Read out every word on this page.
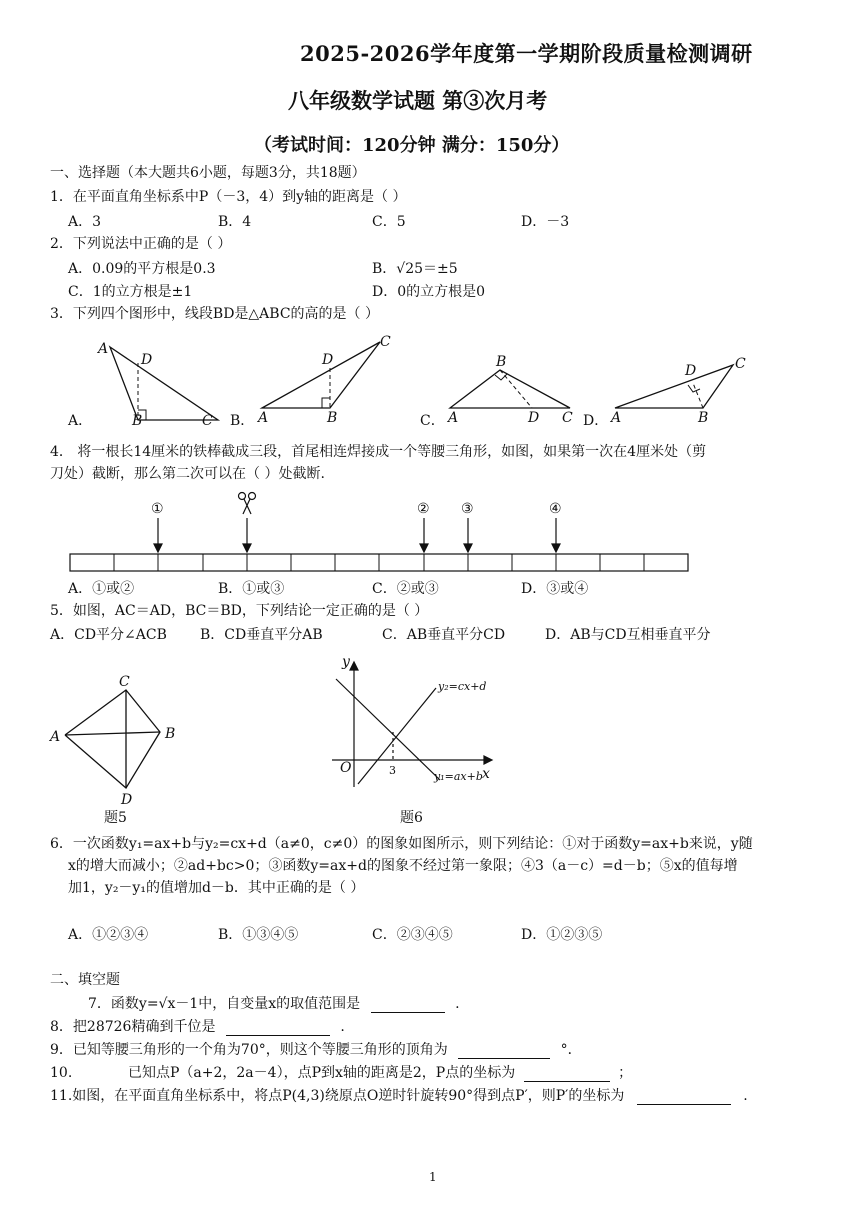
2025-2026学年度第一学期阶段质量检测调研
八年级数学试题 第③次月考
（考试时间：120分钟 满分：150分）
一、选择题（本大题共6小题，每题3分，共18题）
1．在平面直角坐标系中P（－3，4）到y轴的距离是（ ）
A．3	B．4	C．5	D．－3
2．下列说法中正确的是（ ）
A．0.09的平方根是0.3	B．√25＝±5
C．1的立方根是±1	D．0的立方根是0
3．下列四个图形中，线段BD是△ABC的高的是（ ）
A
D
B	C
A．
D
C
A	B
B．
B
A	D C
C．
D	C
A	B
D．
4． 将一根长14厘米的铁棒截成三段，首尾相连焊接成一个等腰三角形，如图，如果第一次在4厘米处（剪
刀处）截断，那么第二次可以在（ ）处截断.
①	② ③	④
A．①或②	B．①或③	C．②或③	D．③或④
5．如图，AC＝AD，BC＝BD，下列结论一定正确的是（ ）
A．CD平分∠ACB B．CD垂直平分AB	C．AB垂直平分CD	D．AB与CD互相垂直平分
C
A	B
D
题5
y
x
O	3
y₂=cx+d
y₁=ax+b
题6
6．一次函数y₁=ax+b与y₂=cx+d（a≠0，c≠0）的图象如图所示，则下列结论：①对于函数y=ax+b来说，y随
x的增大而减小；②ad+bc>0；③函数y=ax+d的图象不经过第一象限；④3（a－c）=d－b；⑤x的值每增
加1，y₂－y₁的值增加d－b．其中正确的是（ ）
A．①②③④	B．①③④⑤	C．②③④⑤	D．①②③⑤
二、填空题
7．函数y=√x－1中，自变量x的取值范围是	.
8．把28726精确到千位是	.
9．已知等腰三角形的一个角为70°，则这个等腰三角形的顶角为	°．
10.	已知点P（a+2，2a－4），点P到x轴的距离是2，P点的坐标为	；
11.如图，在平面直角坐标系中，将点P(4,3)绕原点O逆时针旋转90°得到点P′，则P′的坐标为	.
1
